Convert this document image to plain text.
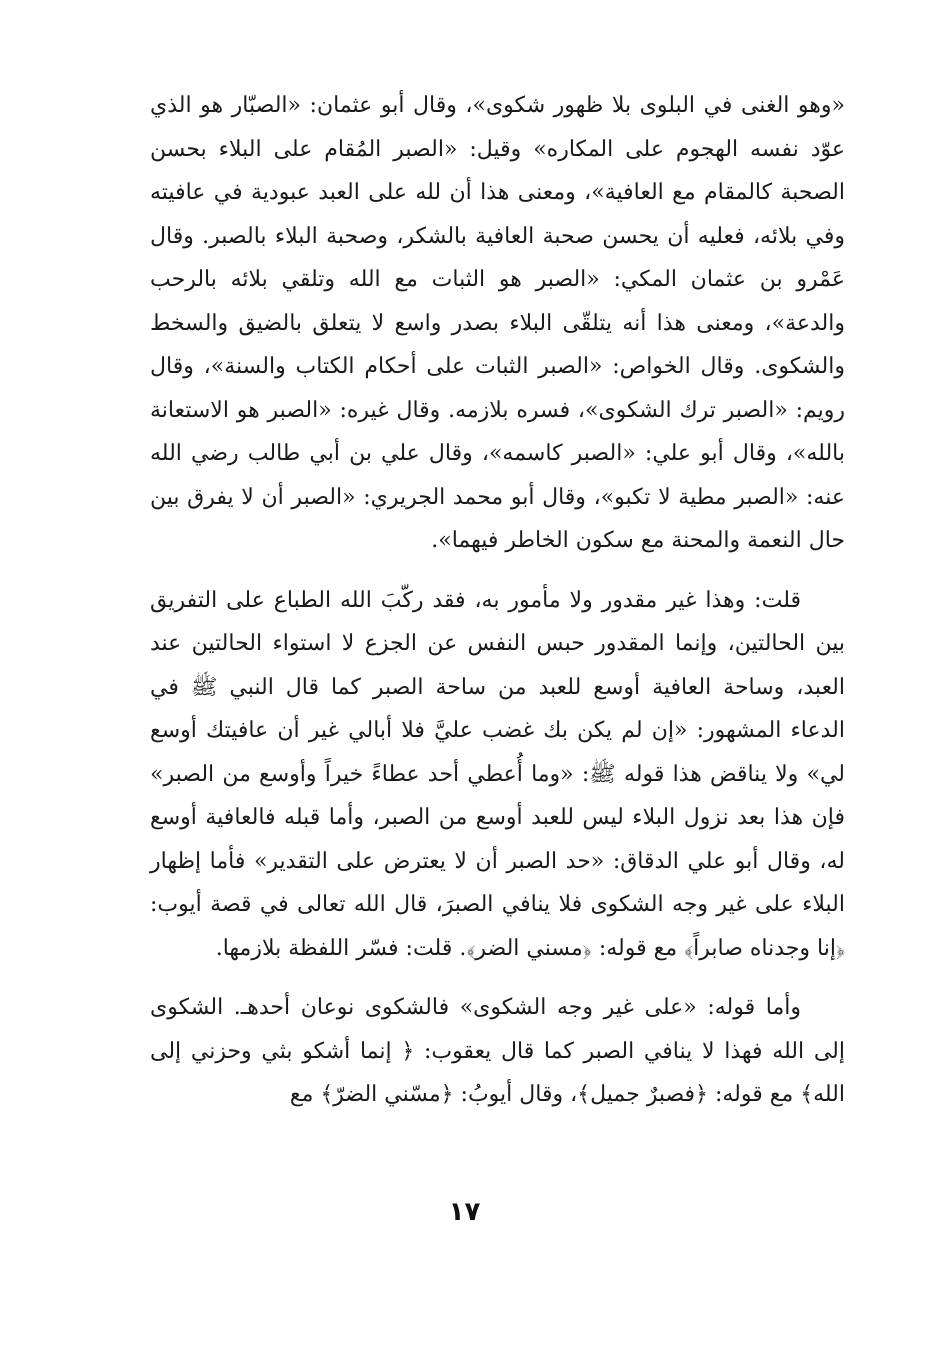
«وهو الغنى في البلوى بلا ظهور شكوى»، وقال أبو عثمان: «الصبّار هو الذي عوّد نفسه الهجوم على المكاره» وقيل: «الصبر المُقام على البلاء بحسن الصحبة كالمقام مع العافية»، ومعنى هذا أن لله على العبد عبودية في عافيته وفي بلائه، فعليه أن يحسن صحبة العافية بالشكر، وصحبة البلاء بالصبر. وقال عَمْرو بن عثمان المكي: «الصبر هو الثبات مع الله وتلقي بلائه بالرحب والدعة»، ومعنى هذا أنه يتلقّى البلاء بصدر واسع لا يتعلق بالضيق والسخط والشكوى. وقال الخواص: «الصبر الثبات على أحكام الكتاب والسنة»، وقال رويم: «الصبر ترك الشكوى»، فسره بلازمه. وقال غيره: «الصبر هو الاستعانة بالله»، وقال أبو علي: «الصبر كاسمه»، وقال علي بن أبي طالب رضي الله عنه: «الصبر مطية لا تكبو»، وقال أبو محمد الجريري: «الصبر أن لا يفرق بين حال النعمة والمحنة مع سكون الخاطر فيهما».

قلت: وهذا غير مقدور ولا مأمور به، فقد ركّبَ الله الطباع على التفريق بين الحالتين، وإنما المقدور حبس النفس عن الجزع لا استواء الحالتين عند العبد، وساحة العافية أوسع للعبد من ساحة الصبر كما قال النبي ﷺ في الدعاء المشهور: «إن لم يكن بك غضب عليَّ فلا أبالي غير أن عافيتك أوسع لي» ولا يناقض هذا قوله ﷺ: «وما أُعطي أحد عطاءً خيراً وأوسع من الصبر» فإن هذا بعد نزول البلاء ليس للعبد أوسع من الصبر، وأما قبله فالعافية أوسع له، وقال أبو علي الدقاق: «حد الصبر أن لا يعترض على التقدير» فأما إظهار البلاء على غير وجه الشكوى فلا ينافي الصبرَ، قال الله تعالى في قصة أيوب: ﴿إنا وجدناه صابراً﴾ مع قوله: ﴿مسني الضر﴾. قلت: فسّر اللفظة بلازمها.

وأما قوله: «على غير وجه الشكوى» فالشكوى نوعان أحدهـ. الشكوى إلى الله فهذا لا ينافي الصبر كما قال يعقوب: ﴿ إنما أشكو بثي وحزني إلى الله﴾ مع قوله: ﴿فصبرٌ جميل﴾، وقال أيوبُ: ﴿مسّني الضرّ﴾ مع

١٧
